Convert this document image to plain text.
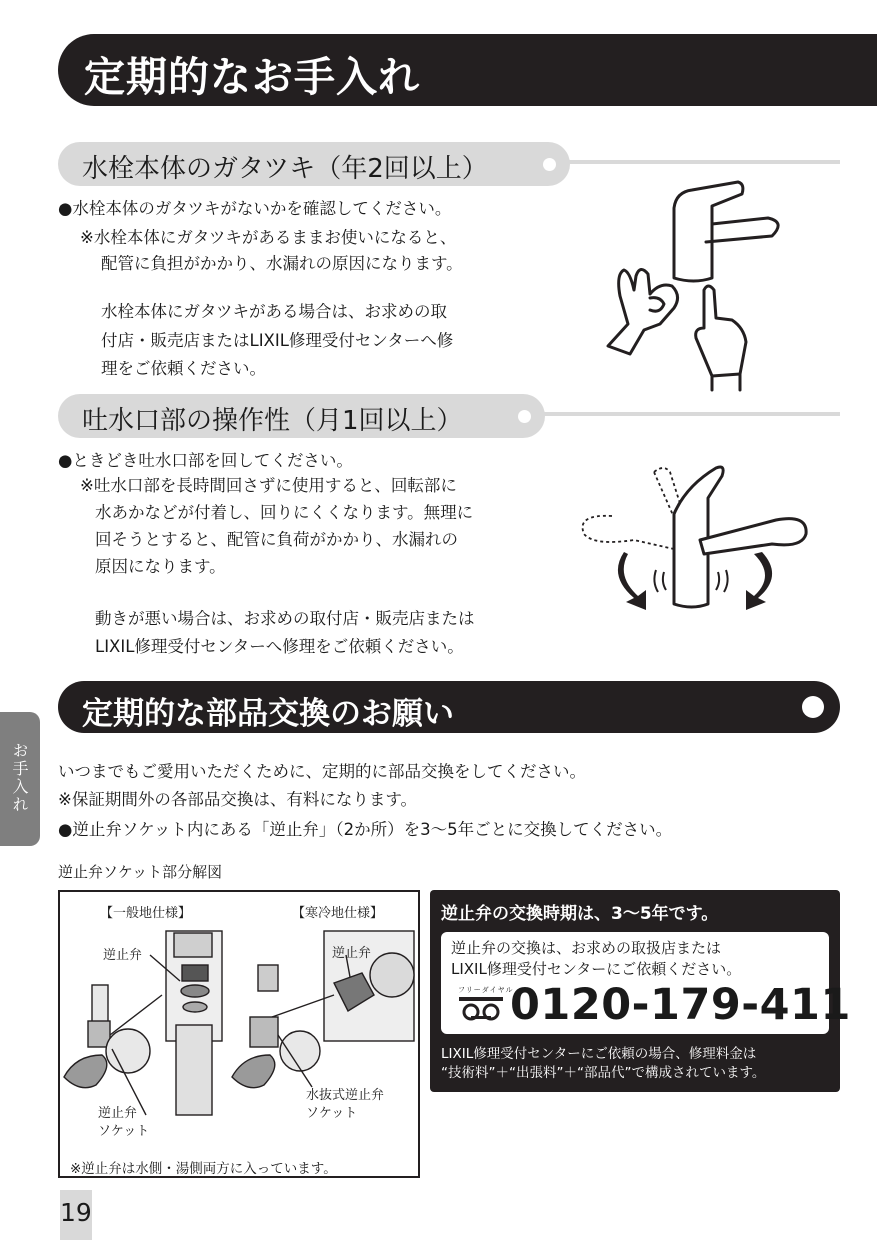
定期的なお手入れ
水栓本体のガタツキ（年2回以上）
●水栓本体のガタツキがないかを確認してください。
※水栓本体にガタツキがあるままお使いになると、
配管に負担がかかり、水漏れの原因になります。
水栓本体にガタツキがある場合は、お求めの取
付店・販売店またはLIXIL修理受付センターへ修
理をご依頼ください。
吐水口部の操作性（月1回以上）
●ときどき吐水口部を回してください。
※吐水口部を長時間回さずに使用すると、回転部に
水あかなどが付着し、回りにくくなります。無理に
回そうとすると、配管に負荷がかかり、水漏れの
原因になります。
動きが悪い場合は、お求めの取付店・販売店または
LIXIL修理受付センターへ修理をご依頼ください。
お手入れ
定期的な部品交換のお願い
いつまでもご愛用いただくために、定期的に部品交換をしてください。
※保証期間外の各部品交換は、有料になります。
●逆止弁ソケット内にある「逆止弁」（2か所）を3～5年ごとに交換してください。
逆止弁ソケット部分解図
【一般地仕様】	【寒冷地仕様】
逆止弁	逆止弁
逆止弁
ソケット
水抜式逆止弁
ソケット
※逆止弁は水側・湯側両方に入っています。
逆止弁の交換時期は、3～5年です。
逆止弁の交換は、お求めの取扱店または
LIXIL修理受付センターにご依頼ください。
フリーダイヤル
0120-179-411
LIXIL修理受付センターにご依頼の場合、修理料金は
“技術料”＋“出張料”＋“部品代”で構成されています。
19
